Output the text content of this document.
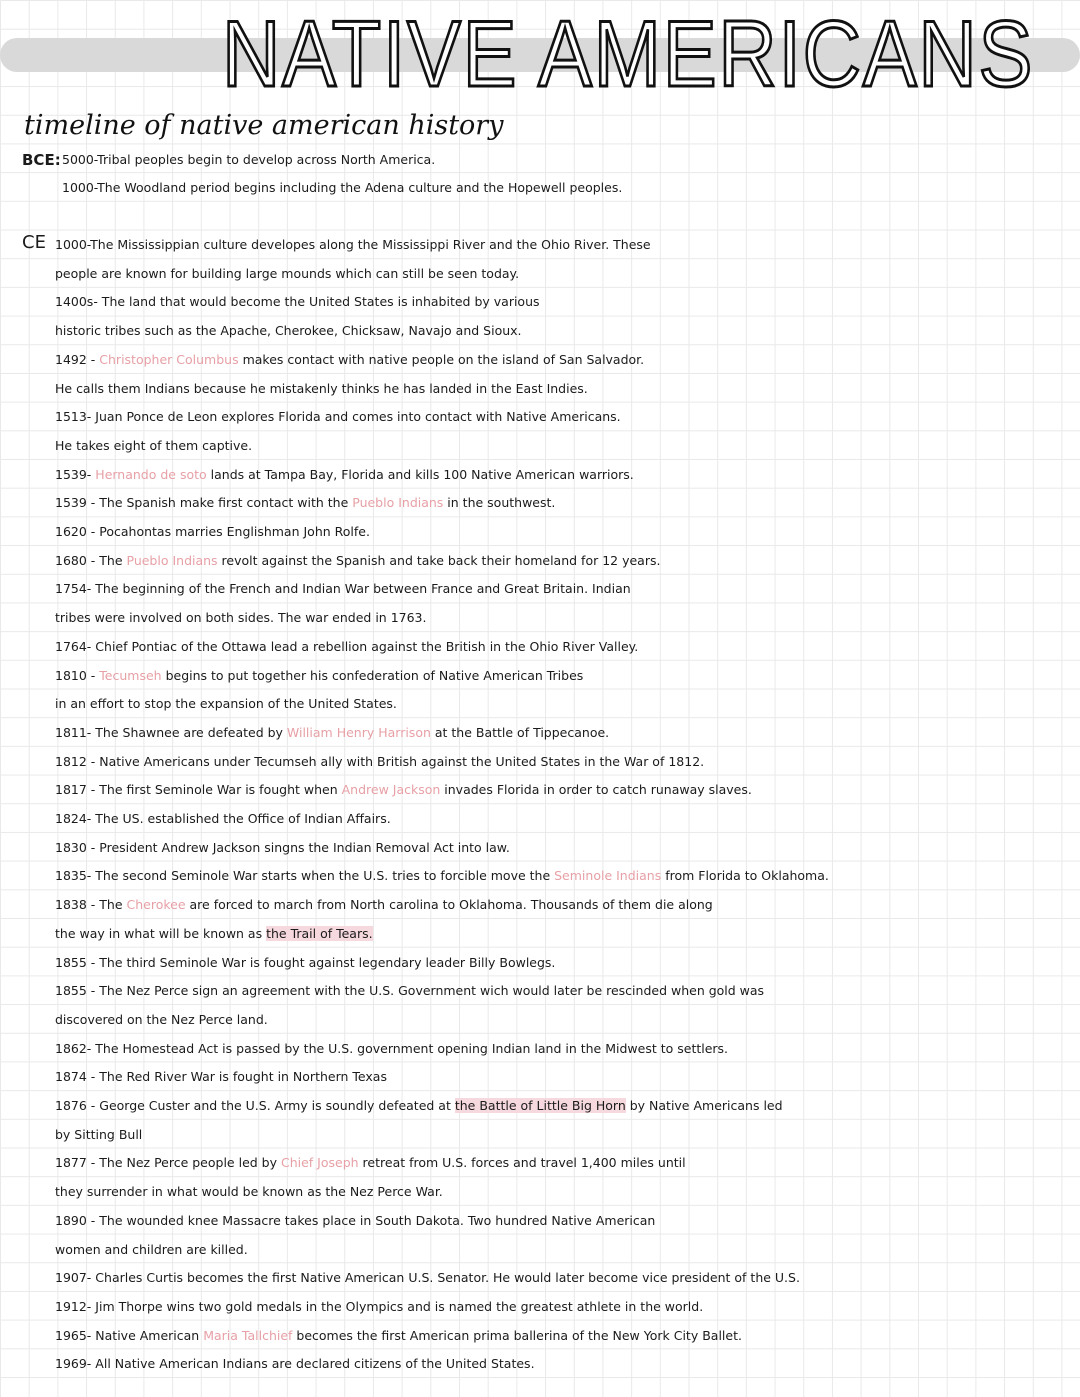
NATIVE AMERICANS
timeline of native american history
BCE:
CE
5000-Tribal peoples begin to develop across North America.
1000-The Woodland period begins including the Adena culture and the Hopewell peoples.
1000-The Mississippian culture developes along the Mississippi River and the Ohio River. These
people are known for building large mounds which can still be seen today.
1400s- The land that would become the United States is inhabited by various
historic tribes such as the Apache, Cherokee, Chicksaw, Navajo and Sioux.
1492 - Christopher Columbus makes contact with native people on the island of San Salvador.
He calls them Indians because he mistakenly thinks he has landed in the East Indies.
1513- Juan Ponce de Leon explores Florida and comes into contact with Native Americans.
He takes eight of them captive.
1539- Hernando de soto lands at Tampa Bay, Florida and kills 100 Native American warriors.
1539 - The Spanish make first contact with the Pueblo Indians in the southwest.
1620 - Pocahontas marries Englishman John Rolfe.
1680 - The Pueblo Indians revolt against the Spanish and take back their homeland for 12 years.
1754- The beginning of the French and Indian War between France and Great Britain. Indian
tribes were involved on both sides. The war ended in 1763.
1764- Chief Pontiac of the Ottawa lead a rebellion against the British in the Ohio River Valley.
1810 - Tecumseh begins to put together his confederation of Native American Tribes
in an effort to stop the expansion of the United States.
1811- The Shawnee are defeated by William Henry Harrison at the Battle of Tippecanoe.
1812 - Native Americans under Tecumseh ally with British against the United States in the War of 1812.
1817 - The first Seminole War is fought when Andrew Jackson invades Florida in order to catch runaway slaves.
1824- The US. established the Office of Indian Affairs.
1830 - President Andrew Jackson singns the Indian Removal Act into law.
1835- The second Seminole War starts when the U.S. tries to forcible move the Seminole Indians from Florida to Oklahoma.
1838 - The Cherokee are forced to march from North carolina to Oklahoma. Thousands of them die along
the way in what will be known as the Trail of Tears.
1855 - The third Seminole War is fought against legendary leader Billy Bowlegs.
1855 - The Nez Perce sign an agreement with the U.S. Government wich would later be rescinded when gold was
discovered on the Nez Perce land.
1862- The Homestead Act is passed by the U.S. government opening Indian land in the Midwest to settlers.
1874 - The Red River War is fought in Northern Texas
1876 - George Custer and the U.S. Army is soundly defeated at the Battle of Little Big Horn by Native Americans led
by Sitting Bull
1877 - The Nez Perce people led by Chief Joseph retreat from U.S. forces and travel 1,400 miles until
they surrender in what would be known as the Nez Perce War.
1890 - The wounded knee Massacre takes place in South Dakota. Two hundred Native American
women and children are killed.
1907- Charles Curtis becomes the first Native American U.S. Senator. He would later become vice president of the U.S.
1912- Jim Thorpe wins two gold medals in the Olympics and is named the greatest athlete in the world.
1965- Native American Maria Tallchief becomes the first American prima ballerina of the New York City Ballet.
1969- All Native American Indians are declared citizens of the United States.
